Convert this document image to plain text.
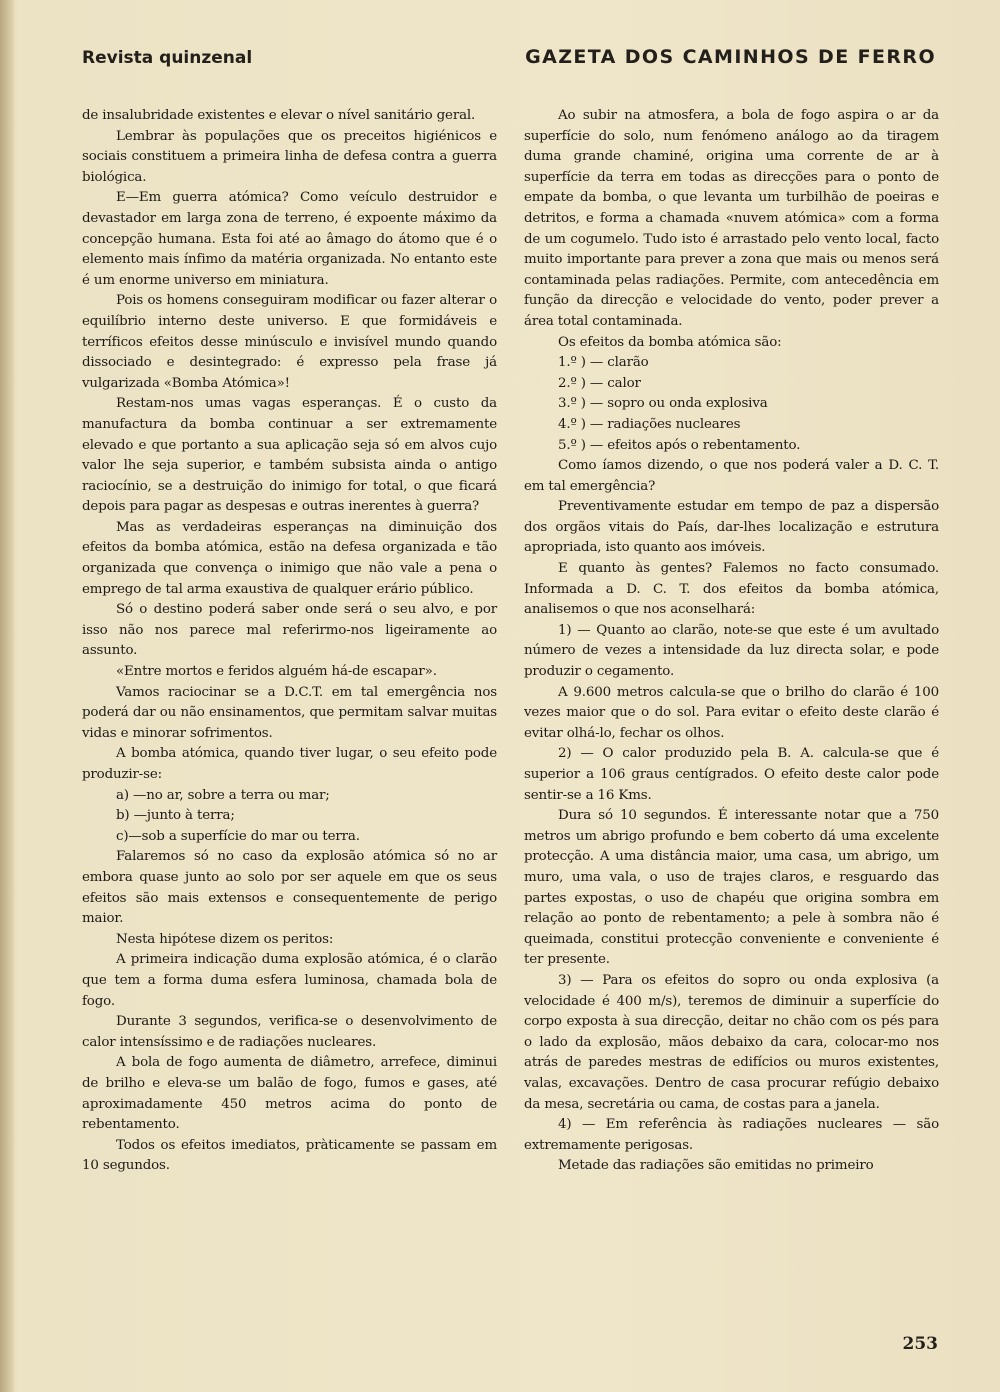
Revista quinzenal	GAZETA DOS CAMINHOS DE FERRO

de insalubridade existentes e elevar o nível sanitário geral.

Lembrar às populações que os preceitos higiénicos e sociais constituem a primeira linha de defesa contra a guerra biológica.

E—Em guerra atómica? Como veículo destruidor e devastador em larga zona de terreno, é expoente máximo da concepção humana. Esta foi até ao âmago do átomo que é o elemento mais ínfimo da matéria organizada. No entanto este é um enorme universo em miniatura.

Pois os homens conseguiram modificar ou fazer alterar o equilíbrio interno deste universo. E que formidáveis e terríficos efeitos desse minúsculo e invisível mundo quando dissociado e desintegrado: é expresso pela frase já vulgarizada «Bomba Atómica»!

Restam-nos umas vagas esperanças. É o custo da manufactura da bomba continuar a ser extremamente elevado e que portanto a sua aplicação seja só em alvos cujo valor lhe seja superior, e também subsista ainda o antigo raciocínio, se a destruição do inimigo for total, o que ficará depois para pagar as despesas e outras inerentes à guerra?

Mas as verdadeiras esperanças na diminuição dos efeitos da bomba atómica, estão na defesa organizada e tão organizada que convença o inimigo que não vale a pena o emprego de tal arma exaustiva de qualquer erário público.

Só o destino poderá saber onde será o seu alvo, e por isso não nos parece mal referirmo-nos ligeiramente ao assunto.

«Entre mortos e feridos alguém há-de escapar».

Vamos raciocinar se a D.C.T. em tal emergência nos poderá dar ou não ensinamentos, que permitam salvar muitas vidas e minorar sofrimentos.

A bomba atómica, quando tiver lugar, o seu efeito pode produzir-se:

a) —no ar, sobre a terra ou mar;

b) —junto à terra;

c)—sob a superfície do mar ou terra.

Falaremos só no caso da explosão atómica só no ar embora quase junto ao solo por ser aquele em que os seus efeitos são mais extensos e consequentemente de perigo maior.

Nesta hipótese dizem os peritos:

A primeira indicação duma explosão atómica, é o clarão que tem a forma duma esfera luminosa, chamada bola de fogo.

Durante 3 segundos, verifica-se o desenvolvimento de calor intensíssimo e de radiações nucleares.

A bola de fogo aumenta de diâmetro, arrefece, diminui de brilho e eleva-se um balão de fogo, fumos e gases, até aproximadamente 450 metros acima do ponto de rebentamento.

Todos os efeitos imediatos, pràticamente se passam em 10 segundos.

Ao subir na atmosfera, a bola de fogo aspira o ar da superfície do solo, num fenómeno análogo ao da tiragem duma grande chaminé, origina uma corrente de ar à superfície da terra em todas as direcções para o ponto de empate da bomba, o que levanta um turbilhão de poeiras e detritos, e forma a chamada «nuvem atómica» com a forma de um cogumelo. Tudo isto é arrastado pelo vento local, facto muito importante para prever a zona que mais ou menos será contaminada pelas radiações. Permite, com antecedência em função da direcção e velocidade do vento, poder prever a área total contaminada.

Os efeitos da bomba atómica são:

1.º ) — clarão

2.º ) — calor

3.º ) — sopro ou onda explosiva

4.º ) — radiações nucleares

5.º ) — efeitos após o rebentamento.

Como íamos dizendo, o que nos poderá valer a D. C. T. em tal emergência?

Preventivamente estudar em tempo de paz a dispersão dos orgãos vitais do País, dar-lhes localização e estrutura apropriada, isto quanto aos imóveis.

E quanto às gentes? Falemos no facto consumado. Informada a D. C. T. dos efeitos da bomba atómica, analisemos o que nos aconselhará:

1) — Quanto ao clarão, note-se que este é um avultado número de vezes a intensidade da luz directa solar, e pode produzir o cegamento.

A 9.600 metros calcula-se que o brilho do clarão é 100 vezes maior que o do sol. Para evitar o efeito deste clarão é evitar olhá-lo, fechar os olhos.

2) — O calor produzido pela B. A. calcula-se que é superior a 106 graus centígrados. O efeito deste calor pode sentir-se a 16 Kms.

Dura só 10 segundos. É interessante notar que a 750 metros um abrigo profundo e bem coberto dá uma excelente protecção. A uma distância maior, uma casa, um abrigo, um muro, uma vala, o uso de trajes claros, e resguardo das partes expostas, o uso de chapéu que origina sombra em relação ao ponto de rebentamento; a pele à sombra não é queimada, constitui protecção conveniente e conveniente é ter presente.

3) — Para os efeitos do sopro ou onda explosiva (a velocidade é 400 m/s), teremos de diminuir a superfície do corpo exposta à sua direcção, deitar no chão com os pés para o lado da explosão, mãos debaixo da cara, colocar-mo nos atrás de paredes mestras de edifícios ou muros existentes, valas, excavações. Dentro de casa procurar refúgio debaixo da mesa, secretária ou cama, de costas para a janela.

4) — Em referência às radiações nucleares — são extremamente perigosas.

Metade das radiações são emitidas no primeiro

253
